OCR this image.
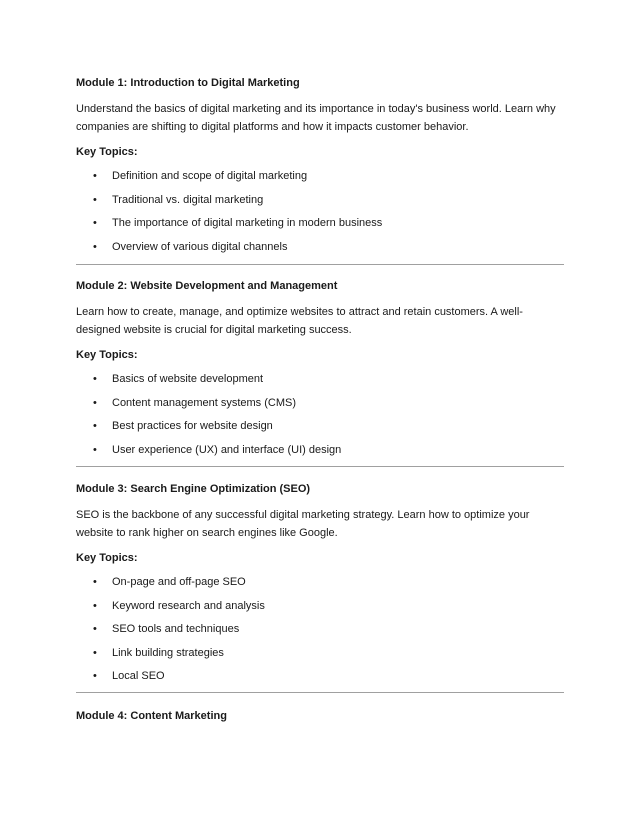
Module 1: Introduction to Digital Marketing

Understand the basics of digital marketing and its importance in today's business world. Learn why companies are shifting to digital platforms and how it impacts customer behavior.

Key Topics:

• Definition and scope of digital marketing
• Traditional vs. digital marketing
• The importance of digital marketing in modern business
• Overview of various digital channels

Module 2: Website Development and Management

Learn how to create, manage, and optimize websites to attract and retain customers. A well-designed website is crucial for digital marketing success.

Key Topics:

• Basics of website development
• Content management systems (CMS)
• Best practices for website design
• User experience (UX) and interface (UI) design

Module 3: Search Engine Optimization (SEO)

SEO is the backbone of any successful digital marketing strategy. Learn how to optimize your website to rank higher on search engines like Google.

Key Topics:

• On-page and off-page SEO
• Keyword research and analysis
• SEO tools and techniques
• Link building strategies
• Local SEO

Module 4: Content Marketing
